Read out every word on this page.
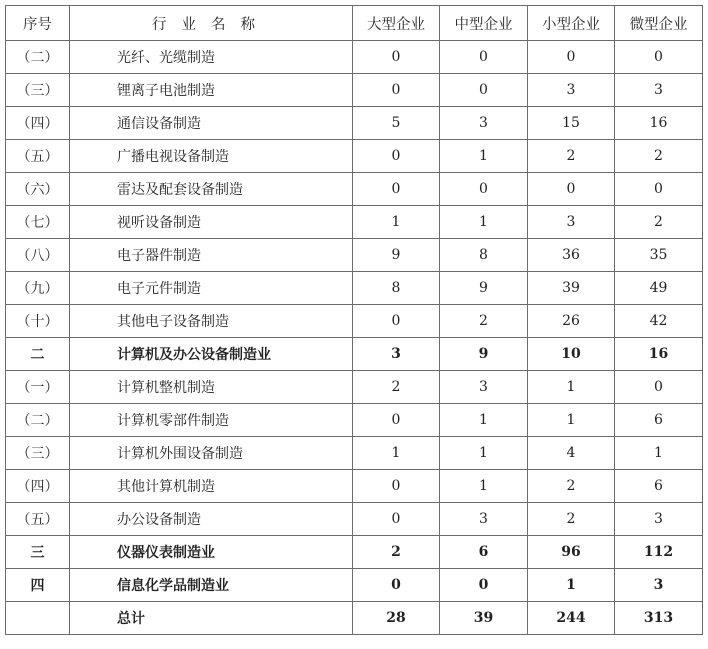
序号	行业名称	大型企业	中型企业	小型企业	微型企业
（二）	光纤、光缆制造	0	0	0	0
（三）	锂离子电池制造	0	0	3	3
（四）	通信设备制造	5	3	15	16
（五）	广播电视设备制造	0	1	2	2
（六）	雷达及配套设备制造	0	0	0	0
（七）	视听设备制造	1	1	3	2
（八）	电子器件制造	9	8	36	35
（九）	电子元件制造	8	9	39	49
（十）	其他电子设备制造	0	2	26	42
二	计算机及办公设备制造业	3	9	10	16
（一）	计算机整机制造	2	3	1	0
（二）	计算机零部件制造	0	1	1	6
（三）	计算机外围设备制造	1	1	4	1
（四）	其他计算机制造	0	1	2	6
（五）	办公设备制造	0	3	2	3
三	仪器仪表制造业	2	6	96	112
四	信息化学品制造业	0	0	1	3
	总计	28	39	244	313
